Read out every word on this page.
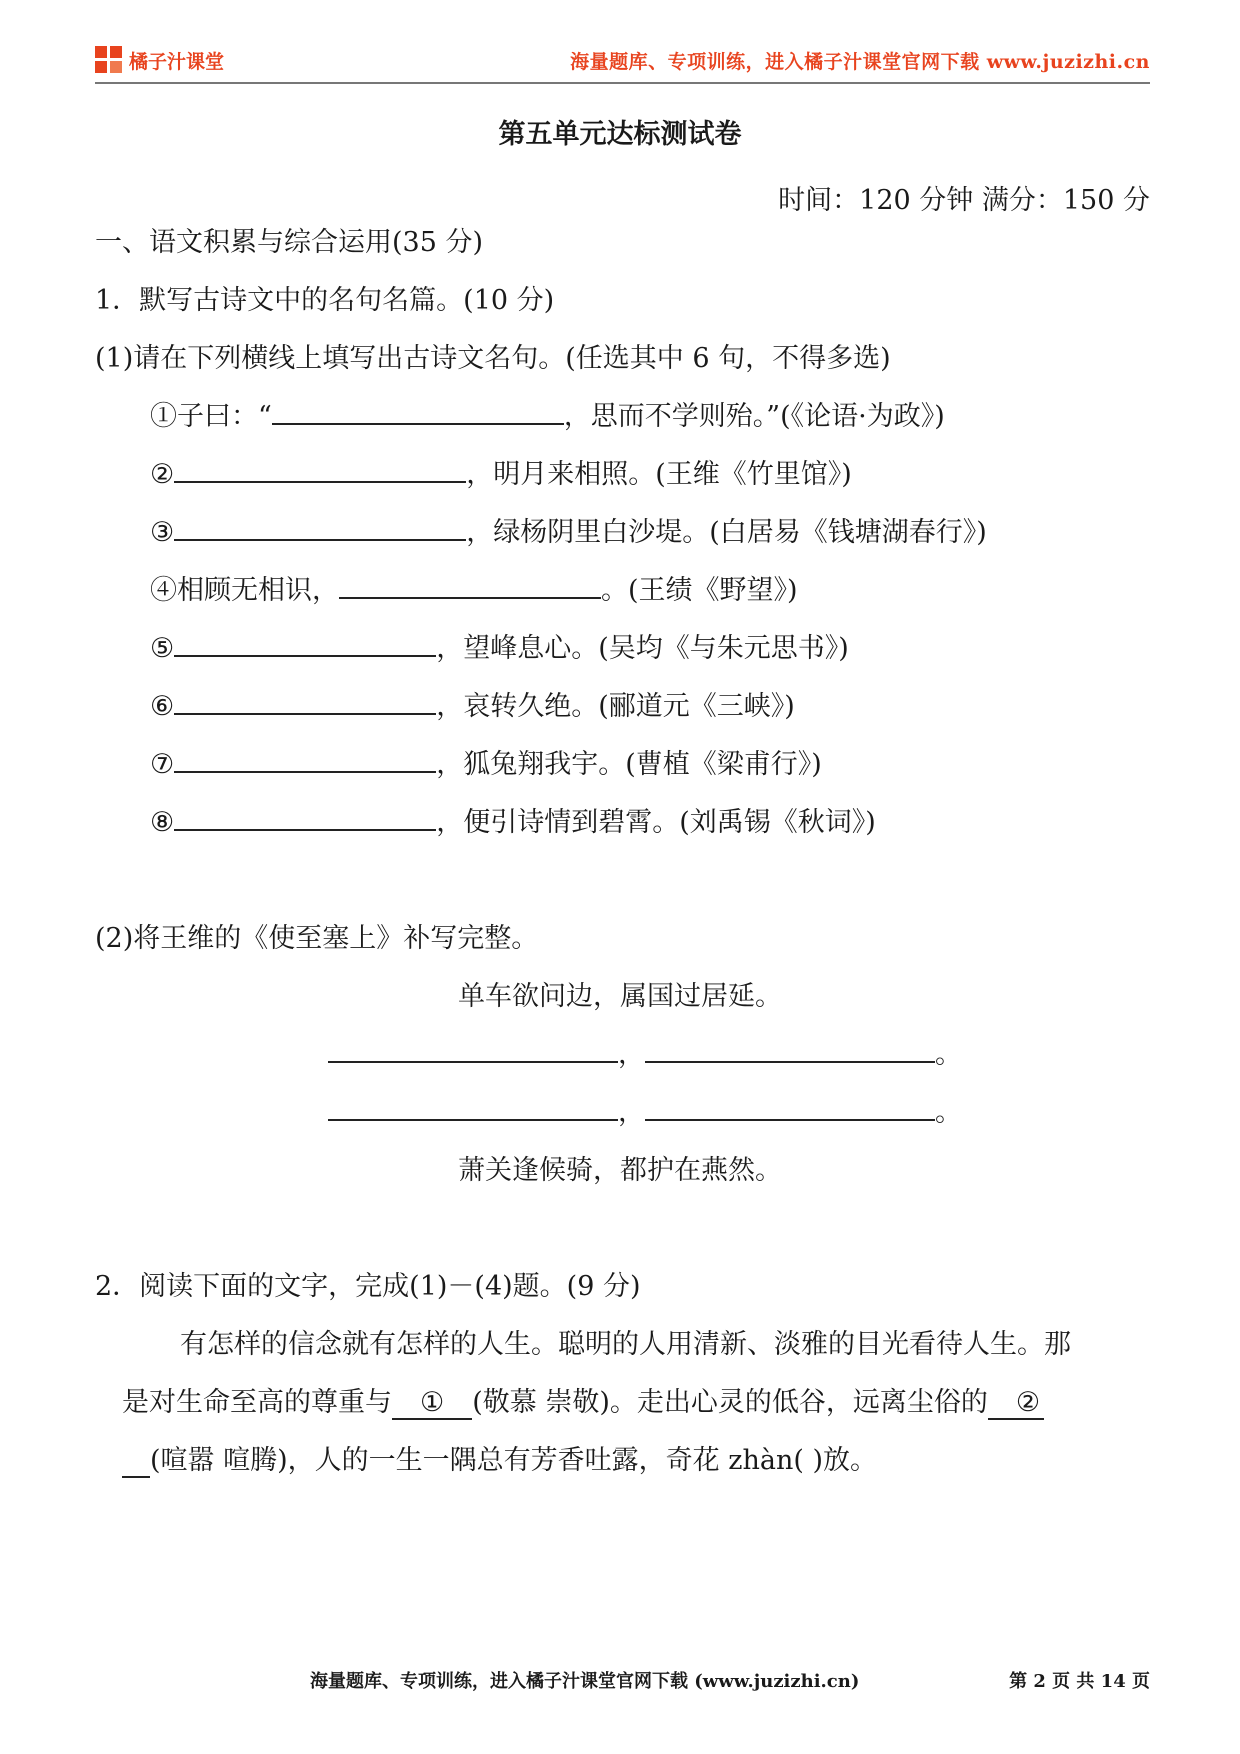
橘子汁课堂	海量题库、专项训练，进入橘子汁课堂官网下载 www.juzizhi.cn
第五单元达标测试卷
时间：120 分钟 满分：150 分
一、语文积累与综合运用(35 分)
1．默写古诗文中的名句名篇。(10 分)
(1)请在下列横线上填写出古诗文名句。(任选其中 6 句，不得多选)
①子曰：“	，思而不学则殆。”(《论语·为政》)
②	，明月来相照。(王维《竹里馆》)
③	，绿杨阴里白沙堤。(白居易《钱塘湖春行》)
④相顾无相识，	。(王绩《野望》)
⑤	，望峰息心。(吴均《与朱元思书》)
⑥	，哀转久绝。(郦道元《三峡》)
⑦	，狐兔翔我宇。(曹植《梁甫行》)
⑧	，便引诗情到碧霄。(刘禹锡《秋词》)
(2)将王维的《使至塞上》补写完整。
单车欲问边，属国过居延。
，	。
，	。
萧关逢候骑，都护在燕然。
2．阅读下面的文字，完成(1)－(4)题。(9 分)
有怎样的信念就有怎样的人生。聪明的人用清新、淡雅的目光看待人生。那
是对生命至高的尊重与 ① (敬慕 崇敬)。走出心灵的低谷，远离尘俗的 ②
(喧嚣 喧腾)，人的一生一隅总有芳香吐露，奇花 zhàn( )放。
海量题库、专项训练，进入橘子汁课堂官网下载 (www.juzizhi.cn)	第 2 页 共 14 页
